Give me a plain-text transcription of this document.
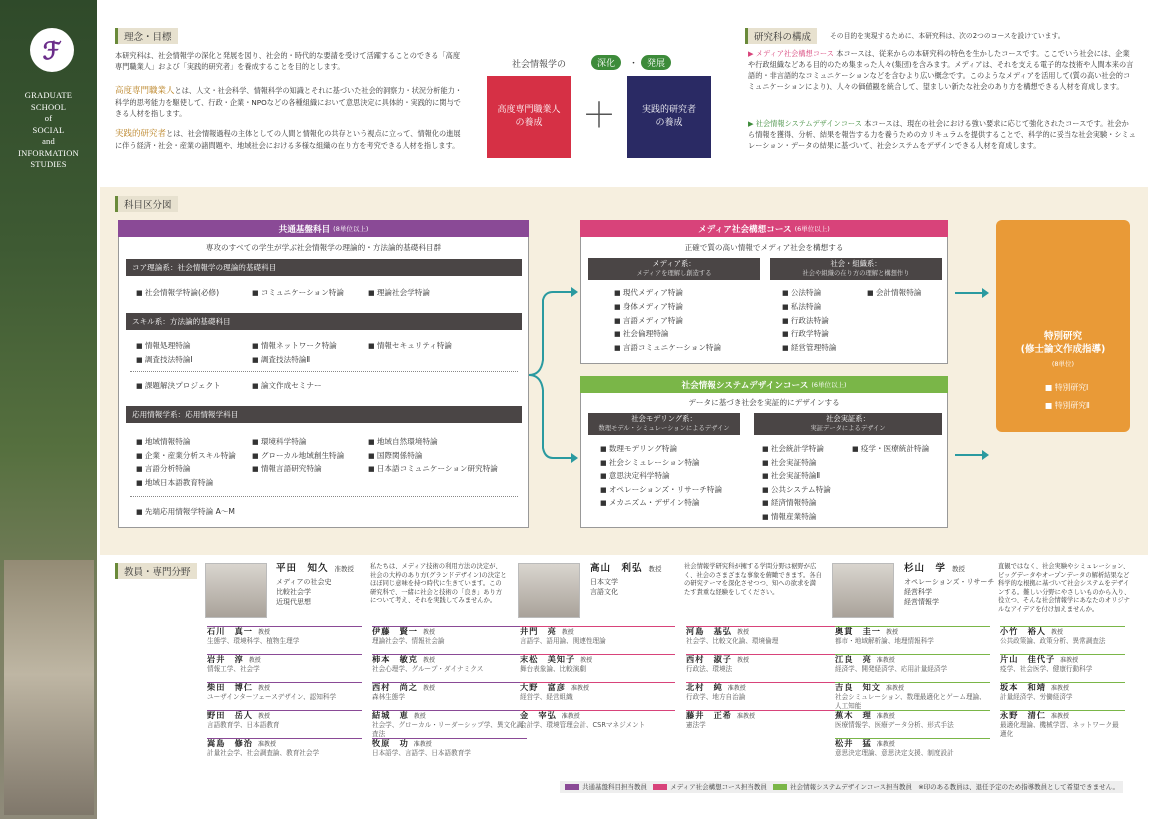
ℱ
GRADUATE
SCHOOL
of
SOCIAL
and
INFORMATION
STUDIES
理念・目標
本研究科は、社会情報学の深化と発展を図り、社会的・時代的な要請を受けて活躍することのできる「高度専門職業人」および「実践的研究者」を養成することを目的とします。
高度専門職業人とは、人文・社会科学、情報科学の知識とそれに基づいた社会的洞察力・状況分析能力・科学的思考能力を駆使して、行政・企業・NPOなどの各種組織において意思決定に具体的・実践的に関与できる人材を指します。
実践的研究者とは、社会情報過程の主体としての人間と情報化の共存という視点に立って、情報化の進展に伴う経済・社会・産業の諸問題や、地域社会における多様な組織の在り方を考究できる人材を指します。
社会情報学の	深化	・ 発展
高度専門職業人
の養成	＋	実践的研究者
の養成
研究科の構成	その目的を実現するために、本研究科は、次の2つのコースを設けています。
▶ メディア社会構想コース 本コースは、従来からの本研究科の特色を生かしたコースです。ここでいう社会には、企業や行政組織などある目的のため集まった人々(集団)を含みます。メディアは、それを支える電子的な技術や人間本来の言語的・非言語的なコミュニケーションなどを含むより広い概念です。このようなメディアを活用して(質の高い社会的コミュニケーションにより)、人々の価値観を統合して、望ましい新たな社会のあり方を構想できる人材を育成します。
▶ 社会情報システムデザインコース 本コースは、現在の社会における強い要求に応じて強化されたコースです。社会から情報を獲得、分析、結果を報告する力を養うためのカリキュラムを提供することで、科学的に妥当な社会実験・シミュレーション・データの結果に基づいて、社会システムをデザインできる人材を育成します。
科目区分図
共通基盤科目 (8単位以上)
専攻のすべての学生が学ぶ社会情報学の理論的・方法論的基礎科目群
コア理論系：社会情報学の理論的基礎科目
■ 社会情報学特論(必修)	■ コミュニケーション特論	■ 理論社会学特論
スキル系：方法論的基礎科目
■ 情報処理特論	■ 情報ネットワーク特論	■ 情報セキュリティ特論
■ 調査技法特論Ⅰ	■ 調査技法特論Ⅱ
■ 課題解決プロジェクト	■ 論文作成セミナー
応用情報学系：応用情報学科目
■ 地域情報特論	■ 環境科学特論	■ 地域自然環境特論
■ 企業・産業分析スキル特論	■ グローカル地域創生特論	■ 国際関係特論
■ 言語分析特論	■ 情報言語研究特論	■ 日本語コミュニケーション研究特論
■ 地域日本語教育特論
■ 先端応用情報学特論 A～M
メディア社会構想コース (6単位以上)
正確で質の高い情報でメディア社会を構想する
メディア系：
メディアを理解し創造する
社会・組織系：
社会や組織の在り方の理解と構想作り
■ 現代メディア特論
■ 身体メディア特論
■ 言語メディア特論
■ 社会倫理特論
■ 言語コミュニケーション特論
■ 公法特論
■ 私法特論
■ 行政法特論
■ 行政学特論
■ 経営管理特論
■ 会計情報特論
社会情報システムデザインコース (6単位以上)
データに基づき社会を実証的にデザインする
社会モデリング系：
数理モデル・シミュレーションによるデザイン
社会実証系：
実証データによるデザイン
■ 数理モデリング特論
■ 社会シミュレーション特論
■ 意思決定科学特論
■ オペレーションズ・リサーチ特論
■ メカニズム・デザイン特論
■ 社会統計学特論
■ 社会実証特論
■ 社会実証特論Ⅱ
■ 公共システム特論
■ 経済情報特論
■ 情報産業特論
■ 疫学・医療統計特論
特別研究
(修士論文作成指導)
(8単位)
■ 特別研究Ⅰ
■ 特別研究Ⅱ
教員・専門分野	平田　知久 准教授
メディアの社会史
比較社会学
近現代思想
私たちは、メディア技術の利用方法の決定が、社会の大枠のあり方(グランドデザイン)の決定とほぼ同じ意味を持つ時代に生きています。この研究科で、一緒に社会と技術の「良き」あり方について考え、それを実践してみませんか。
高山　利弘 教授
日本文学
言語文化
社会情報学研究科が擁する学問分野は裾野が広く、社会のさまざまな事象を俯瞰できます。各自の研究テーマを深化させつつ、知への欲求を満たす貴重な経験をしてください。
杉山　学 教授
オペレーションズ・リサーチ
経営科学
経営情報学
直観ではなく、社会実験やシミュレーション、ビッグデータやオープンデータの解析結果など科学的な根拠に基づいて社会システムをデザインする。難しい分野にやさしいものから入り、役立つ、そんな社会情報学にあなたのオリジナルなアイデアを付け加えませんか。
石川　真一 教授
生態学、環境科学、植物生理学
岩井　淳 教授
情報工学、社会学
柴田　博仁 教授
ユーザインターフェースデザイン、認知科学
野田　岳人 教授
言語教育学、日本語教育
嵩島　修治 准教授
計量社会学、社会調査論、教育社会学
伊藤　賢一 教授
理論社会学、情報社会論
柿本　敏克 教授
社会心理学、グループ・ダイナミクス
西村　尚之 教授
森林生態学
結城　恵 教授
社会学、グローカル・リーダーシップ学、異文化調査法
牧原　功 准教授
日本語学、言語学、日本語教育学
井門　亮 教授
言語学、語用論、関連性理論
末松　美知子 教授
舞台表象論、比較演劇
大野　富彦 准教授
経営学、経営組織
金　宰弘 准教授
会計学、環境管理会計、CSRマネジメント
河島　基弘 教授
社会学、比較文化論、環境倫理
西村　淑子 教授
行政法、環境法
北村　純 准教授
行政学、地方自治論
藤井　正希 准教授
憲法学
奥貫　圭一 教授
都市・地域解析論、地理情報科学
江良　亮 准教授
経済学、開発経済学、応用計量経済学
吉良　知文 准教授
社会シミュレーション、数理最適化とゲーム理論、人工知能
蕉木　理 准教授
医療情報学、医療データ分析、形式手法
松井　猛 准教授
意思決定理論、意思決定支援、制度設計
小竹　裕人 教授
公共政策論、政策分析、異常調査法
片山　佳代子 准教授
疫学、社会医学、健康行動科学
坂本　和靖 准教授
計量経済学、労働経済学
永野　清仁 准教授
最適化理論、機械学習、ネットワーク最適化
共通基盤科目担当教員	メディア社会構想コース担当教員	社会情報システムデザインコース担当教員 ※印のある教員は、退任予定のため指導教員として希望できません。
